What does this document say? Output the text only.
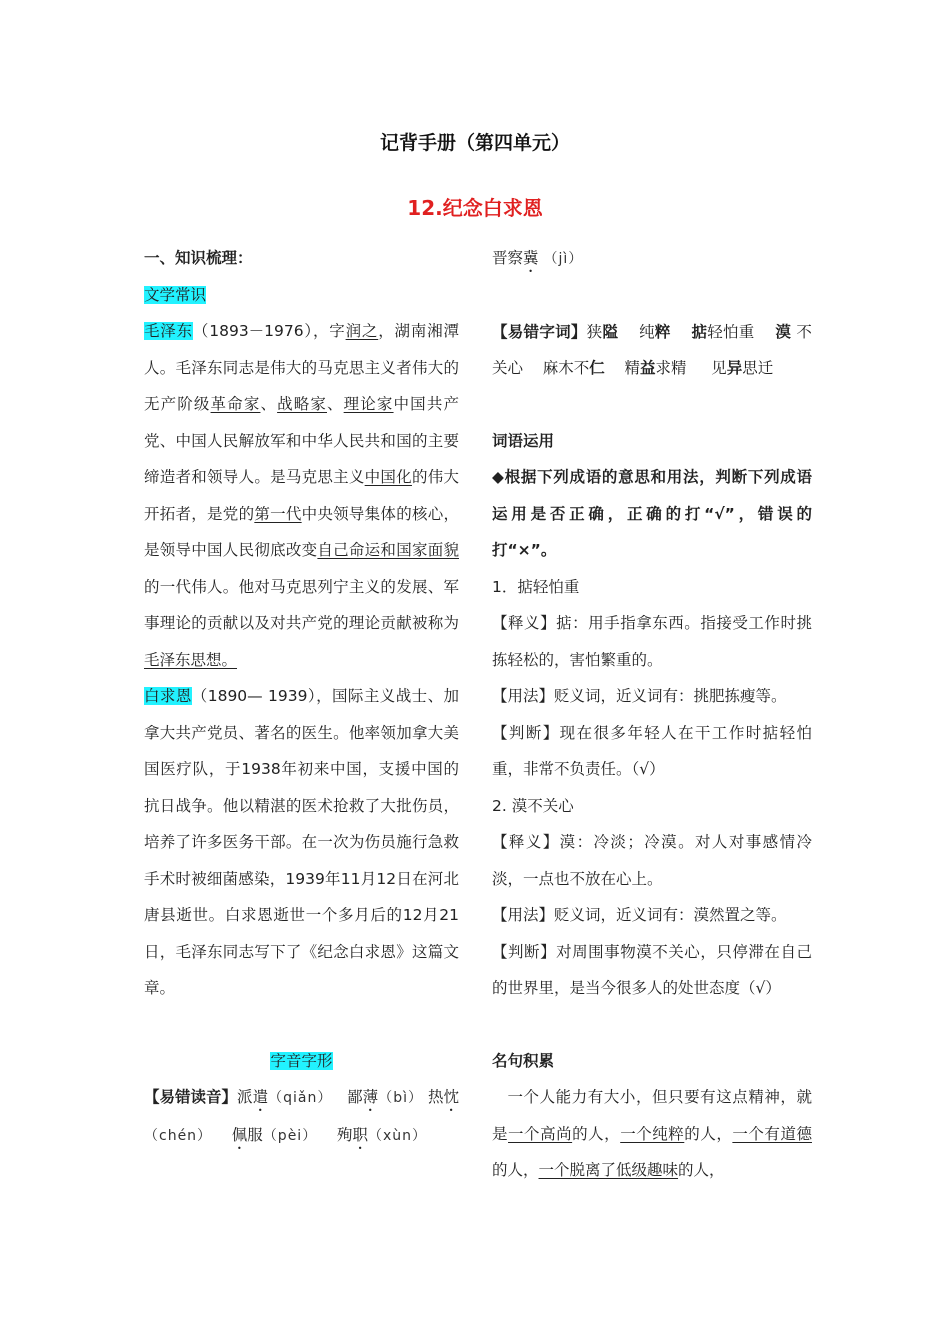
记背手册（第四单元）
12.纪念白求恩
一、知识梳理：
文学常识
毛泽东（1893－1976），字润之，湖南湘潭人。毛泽东同志是伟大的马克思主义者伟大的无产阶级革命家、战略家、理论家中国共产党、中国人民解放军和中华人民共和国的主要缔造者和领导人。是马克思主义中国化的伟大开拓者，是党的第一代中央领导集体的核心，是领导中国人民彻底改变自己命运和国家面貌的一代伟人。他对马克思列宁主义的发展、军事理论的贡献以及对共产党的理论贡献被称为毛泽东思想。
白求恩（1890— 1939），国际主义战士、加拿大共产党员、著名的医生。他率领加拿大美国医疗队，于1938年初来中国，支援中国的抗日战争。他以精湛的医术抢救了大批伤员，培养了许多医务干部。在一次为伤员施行急救手术时被细菌感染，1939年11月12日在河北唐县逝世。白求恩逝世一个多月后的12月21日，毛泽东同志写下了《纪念白求恩》这篇文章。
字音字形
【易错读音】派遣（qiǎn） 鄙薄（bì） 热忱（chén） 佩服（pèi） 殉职（xùn）
晋察冀 （jì）
【易错字词】狭隘 纯粹 掂轻怕重 漠 不关心 麻木不仁 精益求精 见异思迁
词语运用
◆根据下列成语的意思和用法，判断下列成语运用是否正确，正确的打“√”，错误的打“×”。
1．掂轻怕重
【释义】掂：用手指拿东西。指接受工作时挑拣轻松的，害怕繁重的。
【用法】贬义词，近义词有：挑肥拣瘦等。
【判断】现在很多年轻人在干工作时掂轻怕重，非常不负责任。（√）
2. 漠不关心
【释义】漠：冷淡；冷漠。对人对事感情冷淡，一点也不放在心上。
【用法】贬义词，近义词有：漠然置之等。
【判断】对周围事物漠不关心，只停滞在自己的世界里，是当今很多人的处世态度（√）
名句积累
一个人能力有大小，但只要有这点精神，就是一个高尚的人，一个纯粹的人，一个有道德的人，一个脱离了低级趣味的人，
